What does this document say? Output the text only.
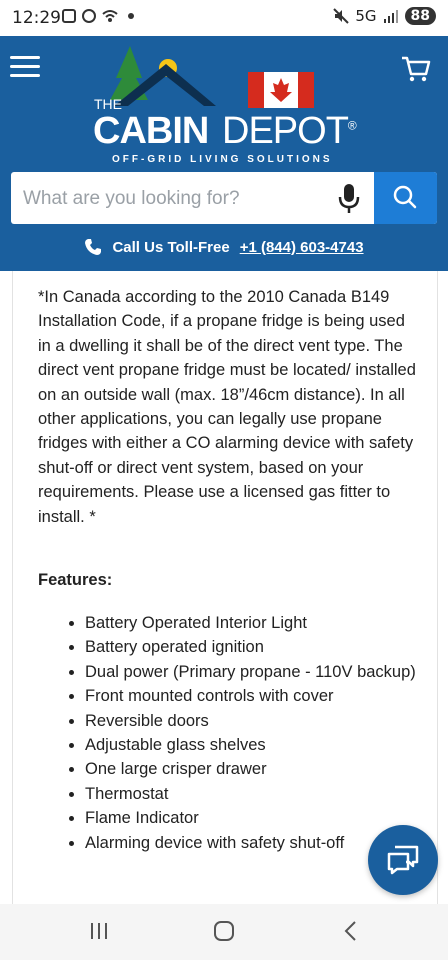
12:29	5G	88
THE
CABIN DEPOT®
OFF-GRID LIVING SOLUTIONS
What are you looking for?
Call Us Toll-Free +1 (844) 603-4743

*In Canada according to the 2010 Canada B149 Installation Code, if a propane fridge is being used in a dwelling it shall be of the direct vent type. The direct vent propane fridge must be located/ installed on an outside wall (max. 18”/46cm distance). In all other applications, you can legally use propane fridges with either a CO alarming device with safety shut-off or direct vent system, based on your requirements. Please use a licensed gas fitter to install. *

Features:

• Battery Operated Interior Light
• Battery operated ignition
• Dual power (Primary propane - 110V backup)
• Front mounted controls with cover
• Reversible doors
• Adjustable glass shelves
• One large crisper drawer
• Thermostat
• Flame Indicator
• Alarming device with safety shut-off
